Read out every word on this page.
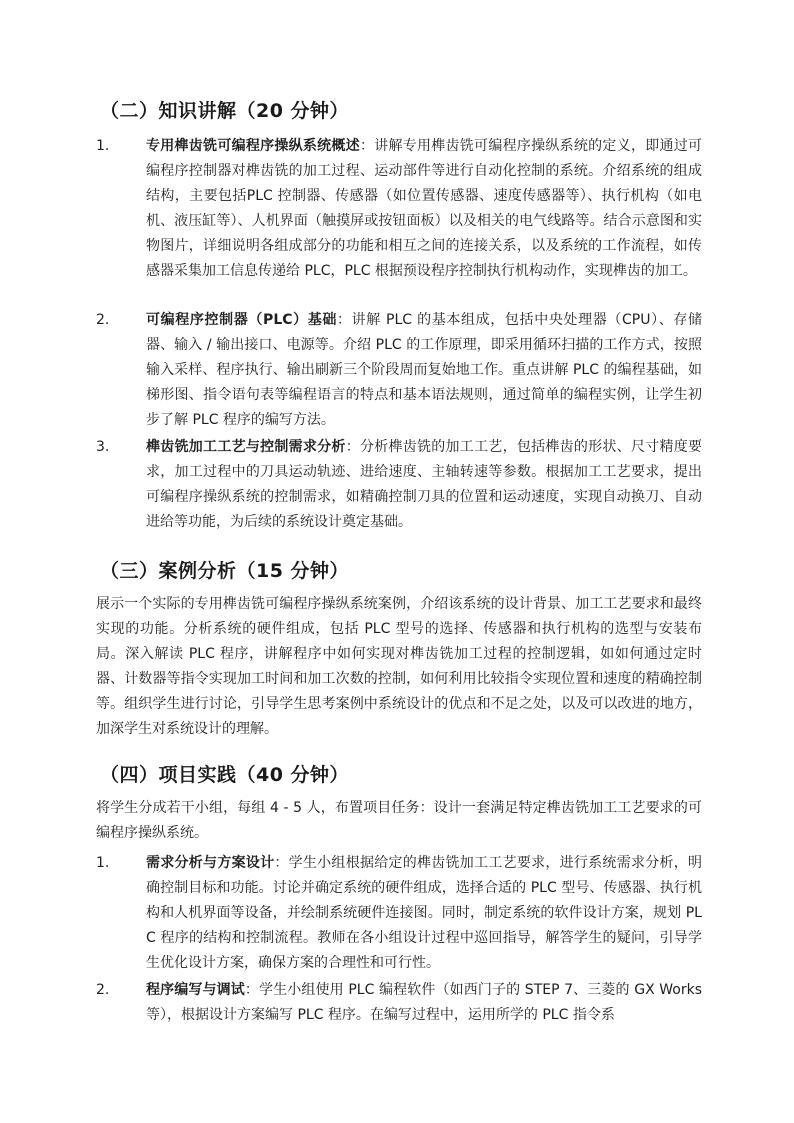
（二）知识讲解（20 分钟）
1.	专用榫齿铣可编程序操纵系统概述：讲解专用榫齿铣可编程序操纵系统的定义，即通过可编程序控制器对榫齿铣的加工过程、运动部件等进行自动化控制的系统。介绍系统的组成结构，主要包括PLC 控制器、传感器（如位置传感器、速度传感器等）、执行机构（如电机、液压缸等）、人机界面（触摸屏或按钮面板）以及相关的电气线路等。结合示意图和实物图片，详细说明各组成部分的功能和相互之间的连接关系，以及系统的工作流程，如传感器采集加工信息传递给 PLC，PLC 根据预设程序控制执行机构动作，实现榫齿的加工。
2.	可编程序控制器（PLC）基础：讲解 PLC 的基本组成，包括中央处理器（CPU）、存储器、输入 / 输出接口、电源等。介绍 PLC 的工作原理，即采用循环扫描的工作方式，按照输入采样、程序执行、输出刷新三个阶段周而复始地工作。重点讲解 PLC 的编程基础，如梯形图、指令语句表等编程语言的特点和基本语法规则，通过简单的编程实例，让学生初步了解 PLC 程序的编写方法。
3.	榫齿铣加工工艺与控制需求分析：分析榫齿铣的加工工艺，包括榫齿的形状、尺寸精度要求，加工过程中的刀具运动轨迹、进给速度、主轴转速等参数。根据加工工艺要求，提出可编程序操纵系统的控制需求，如精确控制刀具的位置和运动速度，实现自动换刀、自动进给等功能，为后续的系统设计奠定基础。
（三）案例分析（15 分钟）
展示一个实际的专用榫齿铣可编程序操纵系统案例，介绍该系统的设计背景、加工工艺要求和最终实现的功能。分析系统的硬件组成，包括 PLC 型号的选择、传感器和执行机构的选型与安装布局。深入解读 PLC 程序，讲解程序中如何实现对榫齿铣加工过程的控制逻辑，如如何通过定时器、计数器等指令实现加工时间和加工次数的控制，如何利用比较指令实现位置和速度的精确控制等。组织学生进行讨论，引导学生思考案例中系统设计的优点和不足之处，以及可以改进的地方，加深学生对系统设计的理解。
（四）项目实践（40 分钟）
将学生分成若干小组，每组 4 - 5 人，布置项目任务：设计一套满足特定榫齿铣加工工艺要求的可编程序操纵系统。
1.	需求分析与方案设计：学生小组根据给定的榫齿铣加工工艺要求，进行系统需求分析，明确控制目标和功能。讨论并确定系统的硬件组成，选择合适的 PLC 型号、传感器、执行机构和人机界面等设备，并绘制系统硬件连接图。同时，制定系统的软件设计方案，规划 PLC 程序的结构和控制流程。教师在各小组设计过程中巡回指导，解答学生的疑问，引导学生优化设计方案，确保方案的合理性和可行性。
2.	程序编写与调试：学生小组使用 PLC 编程软件（如西门子的 STEP 7、三菱的 GX Works 等），根据设计方案编写 PLC 程序。在编写过程中，运用所学的 PLC 指令系
